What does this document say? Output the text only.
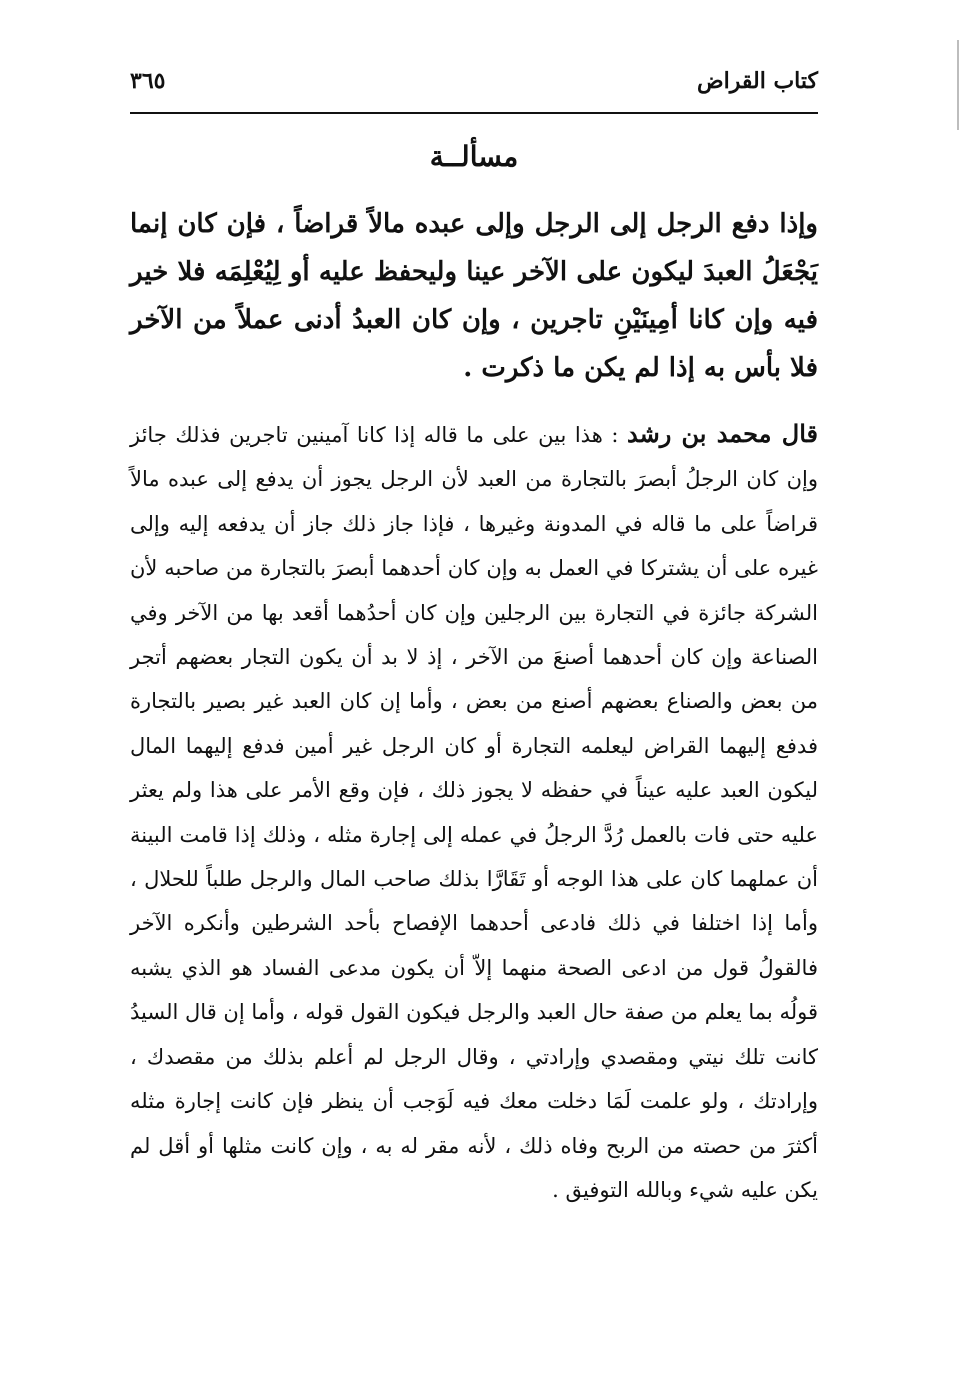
كتاب القراض
٣٦٥
مسألــة

وإذا دفع الرجل إلى الرجل وإلى عبده مالاً قراضاً ، فإن كان إنما يَجْعَلُ العبدَ ليكون على الآخر عينا وليحفظ عليه أو لِيُعْلِمَه فلا خير فيه وإن كانا أمِينَيْنِ تاجرين ، وإن كان العبدُ أدنى عملاً من الآخر فلا بأس به إذا لم يكن ما ذكرت .

قال محمد بن رشد : هذا بين على ما قاله إذا كانا آمينين تاجرين فذلك جائز وإن كان الرجلُ أبصرَ بالتجارة من العبد لأن الرجل يجوز أن يدفع إلى عبده مالاً قراضاً على ما قاله في المدونة وغيرها ، فإذا جاز ذلك جاز أن يدفعه إليه وإلى غيره على أن يشتركا في العمل به وإن كان أحدهما أبصرَ بالتجارة من صاحبه لأن الشركة جائزة في التجارة بين الرجلين وإن كان أحدُهما أقعد بها من الآخر وفي الصناعة وإن كان أحدهما أصنعَ من الآخر ، إذ لا بد أن يكون التجار بعضهم أتجر من بعض والصناع بعضهم أصنع من بعض ، وأما إن كان العبد غير بصير بالتجارة فدفع إليهما القراض ليعلمه التجارة أو كان الرجل غير أمين فدفع إليهما المال ليكون العبد عليه عيناً في حفظه لا يجوز ذلك ، فإن وقع الأمر على هذا ولم يعثر عليه حتى فات بالعمل رُدَّ الرجلُ في عمله إلى إجارة مثله ، وذلك إذا قامت البينة أن عملهما كان على هذا الوجه أو تَقَارَّا بذلك صاحب المال والرجل طلباً للحلال ، وأما إذا اختلفا في ذلك فادعى أحدهما الإفصاح بأحد الشرطين وأنكره الآخر فالقولُ قول من ادعى الصحة منهما إلاّ أن يكون مدعى الفساد هو الذي يشبه قولُه بما يعلم من صفة حال العبد والرجل فيكون القول قوله ، وأما إن قال السيدُ كانت تلك نيتي ومقصدي وإرادتي ، وقال الرجل لم أعلم بذلك من مقصدك ، وإرادتك ، ولو علمت لَمَا دخلت معك فيه لَوَجب أن ينظر فإن كانت إجارة مثله أكثرَ من حصته من الربح وفاه ذلك ، لأنه مقر له به ، وإن كانت مثلها أو أقل لم يكن عليه شيء وبالله التوفيق .
